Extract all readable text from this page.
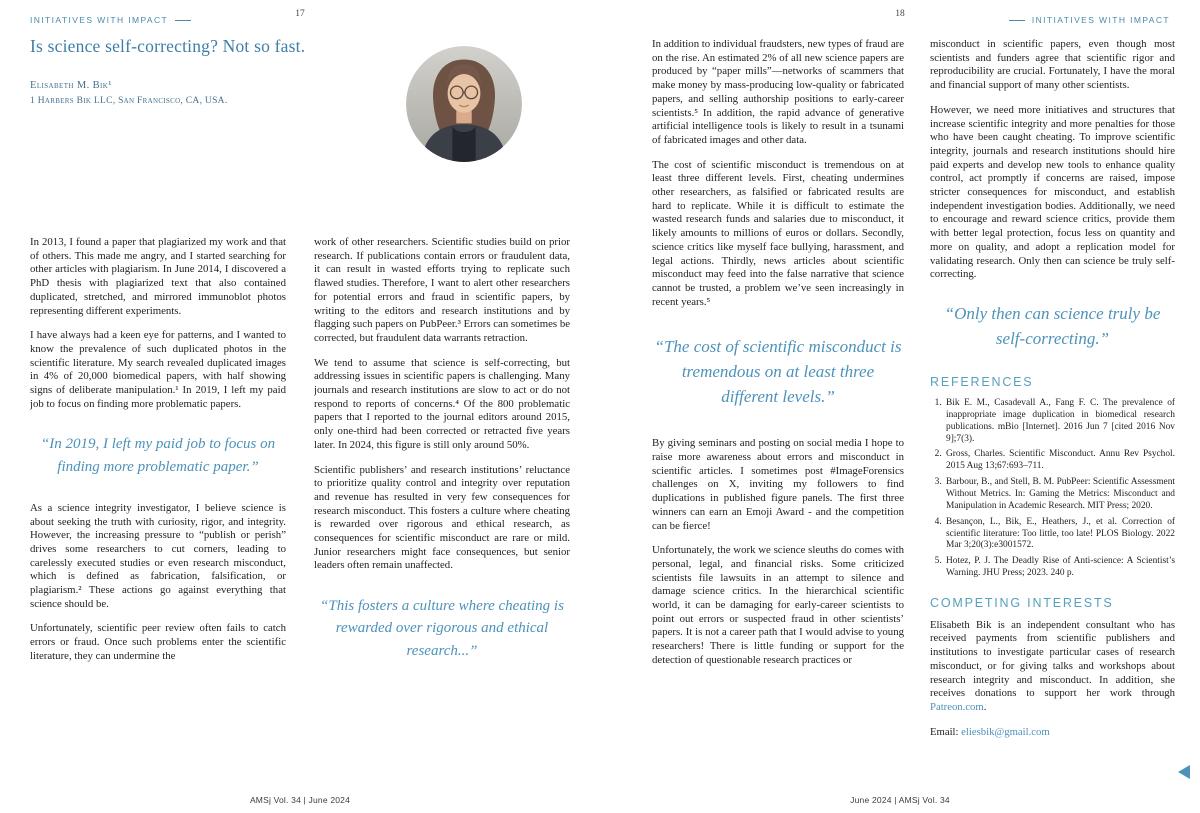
17
INITIATIVES WITH IMPACT
Is science self-correcting? Not so fast.
Elisabeth M. Bik¹
1 Harbers Bik LLC, San Francisco, CA, USA.

In 2013, I found a paper that plagiarized my work and that of others. This made me angry, and I started searching for other articles with plagiarism. In June 2014, I discovered a PhD thesis with plagiarized text that also contained duplicated, stretched, and mirrored immunoblot photos representing different experiments.

I have always had a keen eye for patterns, and I wanted to know the prevalence of such duplicated photos in the scientific literature. My search revealed duplicated images in 4% of 20,000 biomedical papers, with half showing signs of deliberate manipulation.¹ In 2019, I left my paid job to focus on finding more problematic papers.

“In 2019, I left my paid job to focus on finding more problematic paper.”

As a science integrity investigator, I believe science is about seeking the truth with curiosity, rigor, and integrity. However, the increasing pressure to “publish or perish” drives some researchers to cut corners, leading to carelessly executed studies or even research misconduct, which is defined as fabrication, falsification, or plagiarism.² These actions go against everything that science should be.

Unfortunately, scientific peer review often fails to catch errors or fraud. Once such problems enter the scientific literature, they can undermine the

work of other researchers. Scientific studies build on prior research. If publications contain errors or fraudulent data, it can result in wasted efforts trying to replicate such flawed studies. Therefore, I want to alert other researchers for potential errors and fraud in scientific papers, by writing to the editors and research institutions and by flagging such papers on PubPeer.³ Errors can sometimes be corrected, but fraudulent data warrants retraction.

We tend to assume that science is self-correcting, but addressing issues in scientific papers is challenging. Many journals and research institutions are slow to act or do not respond to reports of concerns.⁴ Of the 800 problematic papers that I reported to the journal editors around 2015, only one-third had been corrected or retracted five years later. In 2024, this figure is still only around 50%.

Scientific publishers’ and research institutions’ reluctance to prioritize quality control and integrity over reputation and revenue has resulted in very few consequences for research misconduct. This fosters a culture where cheating is rewarded over rigorous and ethical research, as consequences for scientific misconduct are rare or mild. Junior researchers might face consequences, but senior leaders often remain unaffected.

“This fosters a culture where cheating is rewarded over rigorous and ethical research...”
AMSj Vol. 34 | June 2024
18
INITIATIVES WITH IMPACT

In addition to individual fraudsters, new types of fraud are on the rise. An estimated 2% of all new science papers are produced by “paper mills”—networks of scammers that make money by mass-producing low-quality or fabricated papers, and selling authorship positions to early-career scientists.⁵ In addition, the rapid advance of generative artificial intelligence tools is likely to result in a tsunami of fabricated images and other data.

The cost of scientific misconduct is tremendous on at least three different levels. First, cheating undermines other researchers, as falsified or fabricated results are hard to replicate. While it is difficult to estimate the wasted research funds and salaries due to misconduct, it likely amounts to millions of euros or dollars. Secondly, science critics like myself face bullying, harassment, and legal actions. Thirdly, news articles about scientific misconduct may feed into the false narrative that science cannot be trusted, a problem we’ve seen increasingly in recent years.⁵

“The cost of scientific misconduct is tremendous on at least three different levels.”

By giving seminars and posting on social media I hope to raise more awareness about errors and misconduct in scientific articles. I sometimes post #ImageForensics challenges on X, inviting my followers to find duplications in published figure panels. The first three winners can earn an Emoji Award - and the competition can be fierce!

Unfortunately, the work we science sleuths do comes with personal, legal, and financial risks. Some criticized scientists file lawsuits in an attempt to silence and damage science critics. In the hierarchical scientific world, it can be damaging for early-career scientists to point out errors or suspected fraud in other scientists’ papers. It is not a career path that I would advise to young researchers! There is little funding or support for the detection of questionable research practices or

misconduct in scientific papers, even though most scientists and funders agree that scientific rigor and reproducibility are crucial. Fortunately, I have the moral and financial support of many other scientists.

However, we need more initiatives and structures that increase scientific integrity and more penalties for those who have been caught cheating. To improve scientific integrity, journals and research institutions should hire paid experts and develop new tools to enhance quality control, act promptly if concerns are raised, impose stricter consequences for misconduct, and establish independent investigation bodies. Additionally, we need to encourage and reward science critics, provide them with better legal protection, focus less on quantity and more on quality, and adopt a replication model for validating research. Only then can science be truly self-correcting.

“Only then can science truly be self-correcting.”
REFERENCES
1. Bik E. M., Casadevall A., Fang F. C. The prevalence of inappropriate image duplication in biomedical research publications. mBio [Internet]. 2016 Jun 7 [cited 2016 Nov 9];7(3).
2. Gross, Charles. Scientific Misconduct. Annu Rev Psychol. 2015 Aug 13;67:693–711.
3. Barbour, B., and Stell, B. M. PubPeer: Scientific Assessment Without Metrics. In: Gaming the Metrics: Misconduct and Manipulation in Academic Research. MIT Press; 2020.
4. Besançon, L., Bik, E., Heathers, J., et al. Correction of scientific literature: Too little, too late! PLOS Biology. 2022 Mar 3;20(3):e3001572.
5. Hotez, P. J. The Deadly Rise of Anti-science: A Scientist’s Warning. JHU Press; 2023. 240 p.
COMPETING INTERESTS

Elisabeth Bik is an independent consultant who has received payments from scientific publishers and institutions to investigate particular cases of research misconduct, or for giving talks and workshops about research integrity and misconduct. In addition, she receives donations to support her work through Patreon.com.

Email: eliesbik@gmail.com

June 2024 | AMSj Vol. 34
